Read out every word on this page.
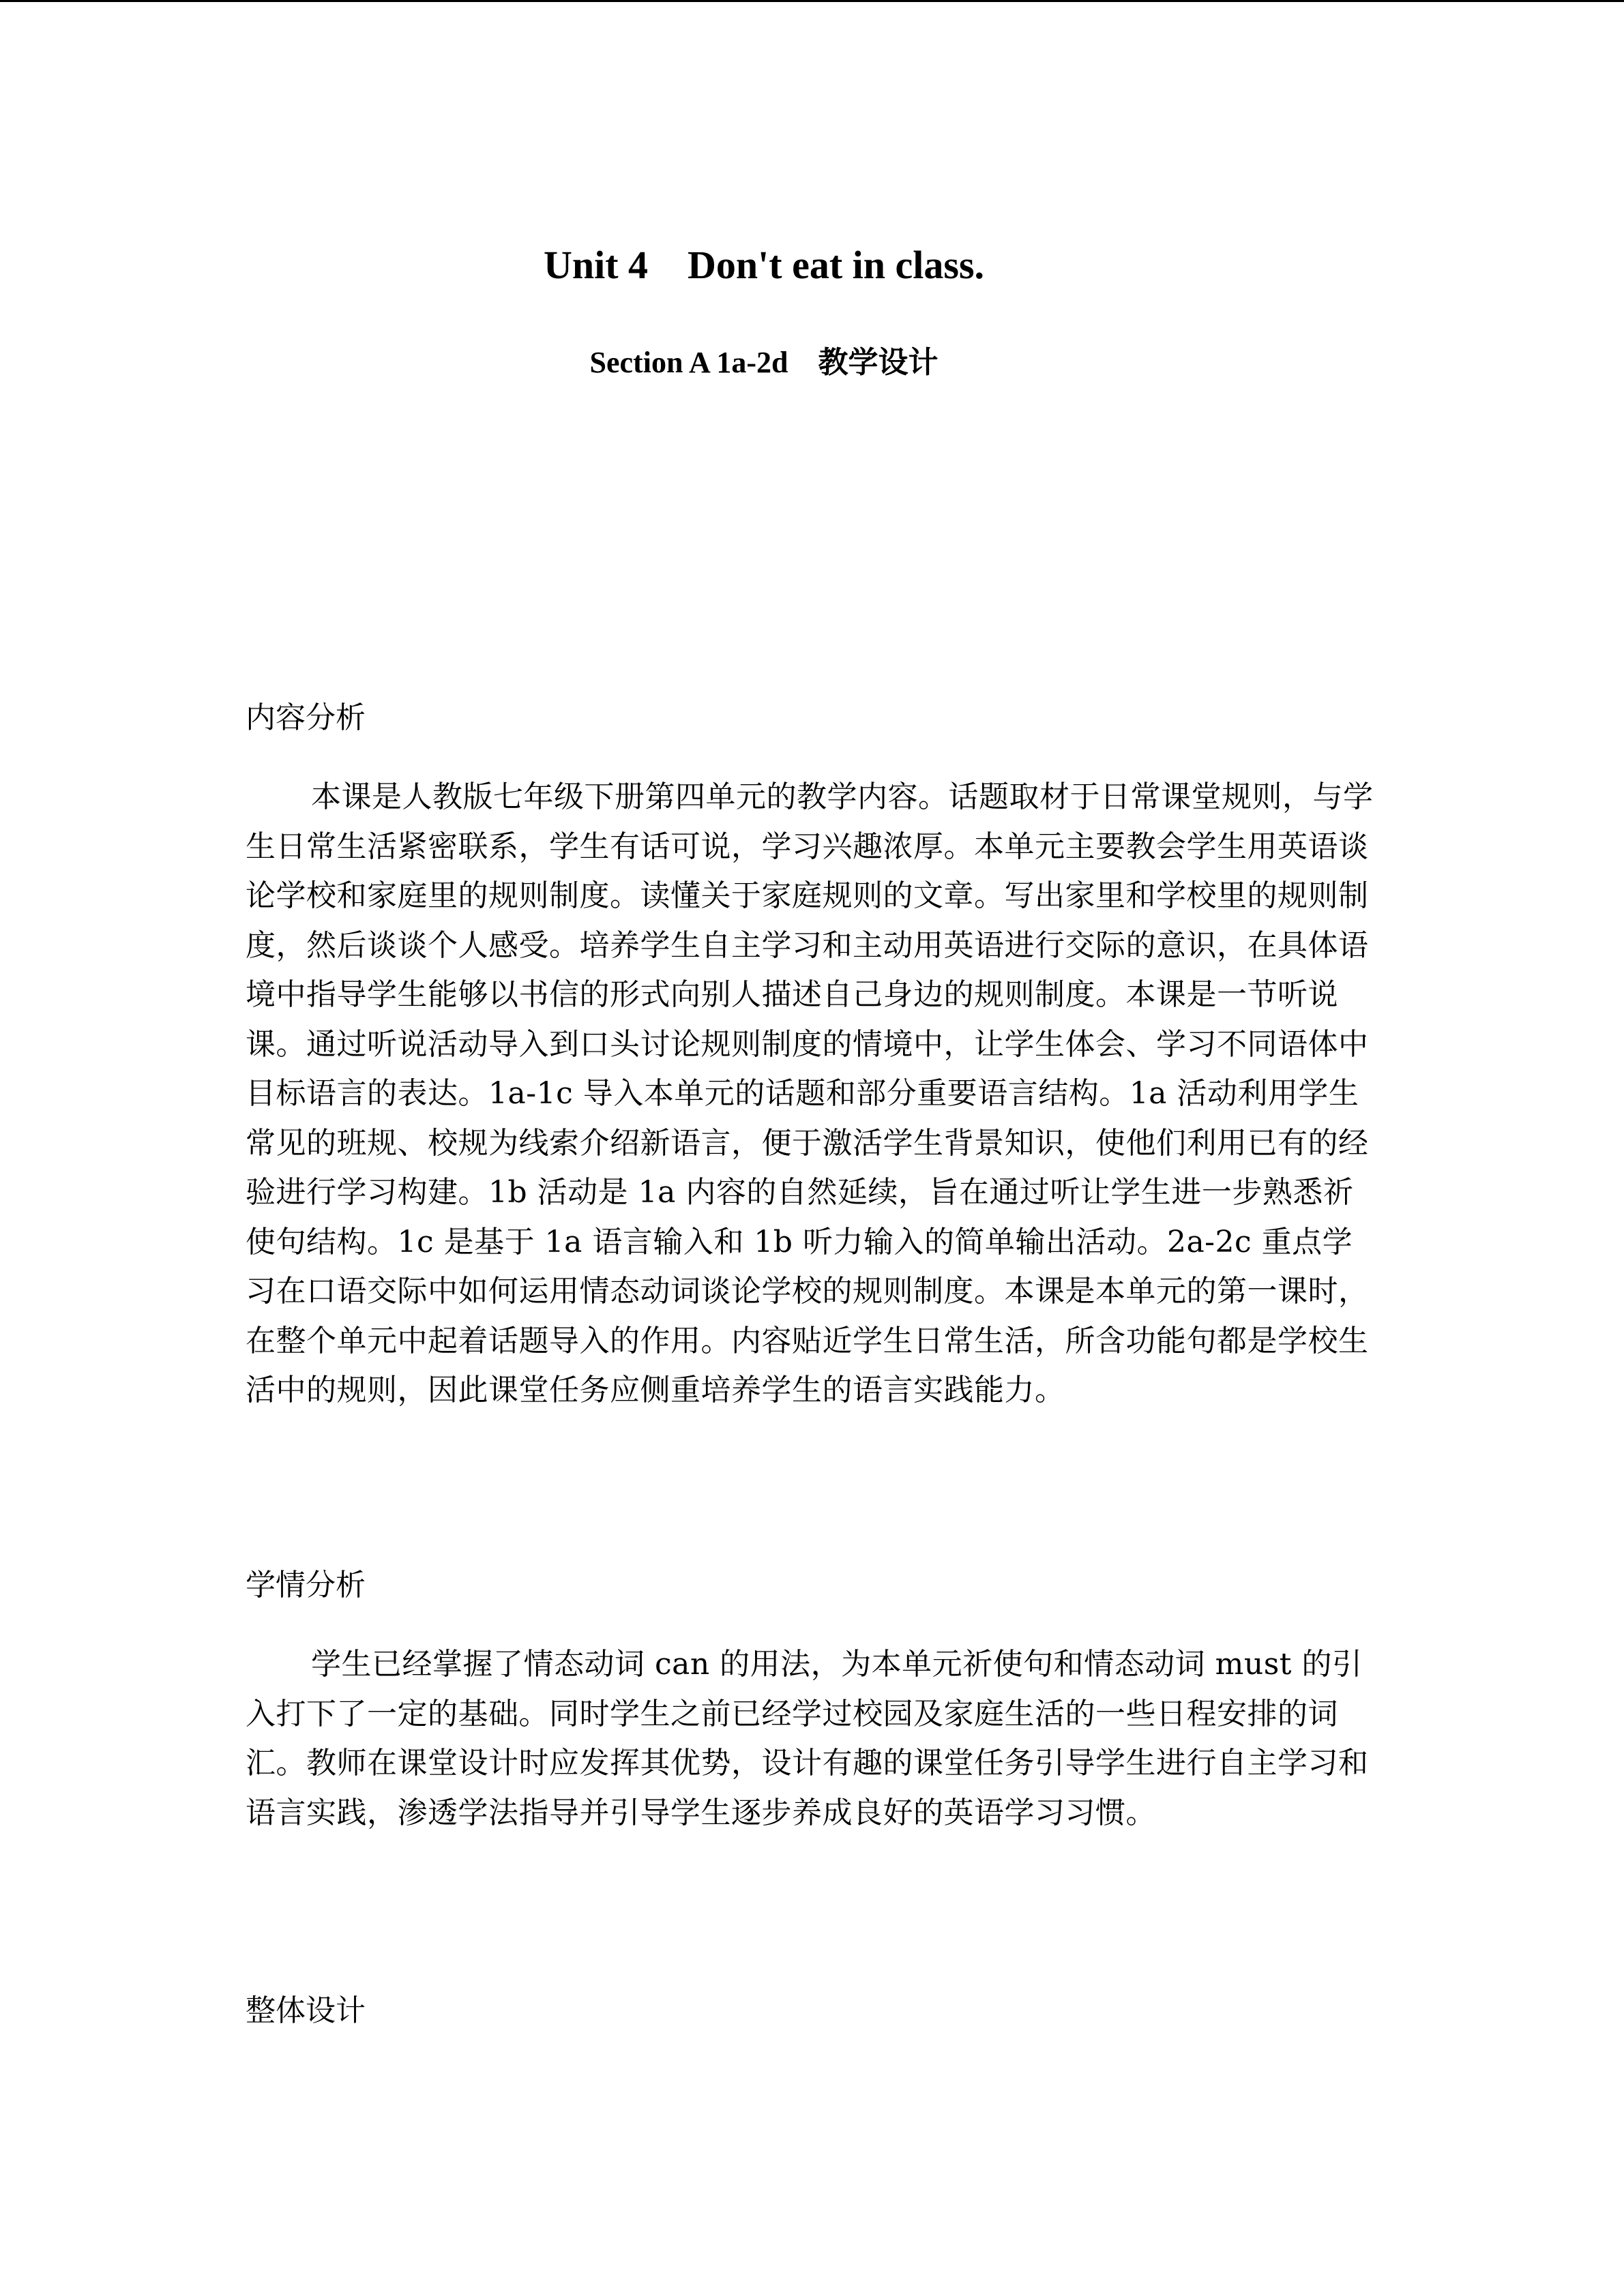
Unit 4    Don't eat in class.
Section A 1a-2d    教学设计
内容分析

本课是人教版七年级下册第四单元的教学内容。话题取材于日常课堂规则，与学生日常生活紧密联系，学生有话可说，学习兴趣浓厚。本单元主要教会学生用英语谈论学校和家庭里的规则制度。读懂关于家庭规则的文章。写出家里和学校里的规则制度，然后谈谈个人感受。培养学生自主学习和主动用英语进行交际的意识，在具体语境中指导学生能够以书信的形式向别人描述自己身边的规则制度。本课是一节听说课。通过听说活动导入到口头讨论规则制度的情境中，让学生体会、学习不同语体中目标语言的表达。1a-1c 导入本单元的话题和部分重要语言结构。1a 活动利用学生常见的班规、校规为线索介绍新语言，便于激活学生背景知识，使他们利用已有的经验进行学习构建。1b 活动是 1a 内容的自然延续，旨在通过听让学生进一步熟悉祈使句结构。1c 是基于 1a 语言输入和 1b 听力输入的简单输出活动。2a-2c 重点学习在口语交际中如何运用情态动词谈论学校的规则制度。本课是本单元的第一课时，在整个单元中起着话题导入的作用。内容贴近学生日常生活，所含功能句都是学校生活中的规则，因此课堂任务应侧重培养学生的语言实践能力。

学情分析

学生已经掌握了情态动词 can 的用法，为本单元祈使句和情态动词 must 的引入打下了一定的基础。同时学生之前已经学过校园及家庭生活的一些日程安排的词汇。教师在课堂设计时应发挥其优势，设计有趣的课堂任务引导学生进行自主学习和语言实践，渗透学法指导并引导学生逐步养成良好的英语学习习惯。

整体设计
